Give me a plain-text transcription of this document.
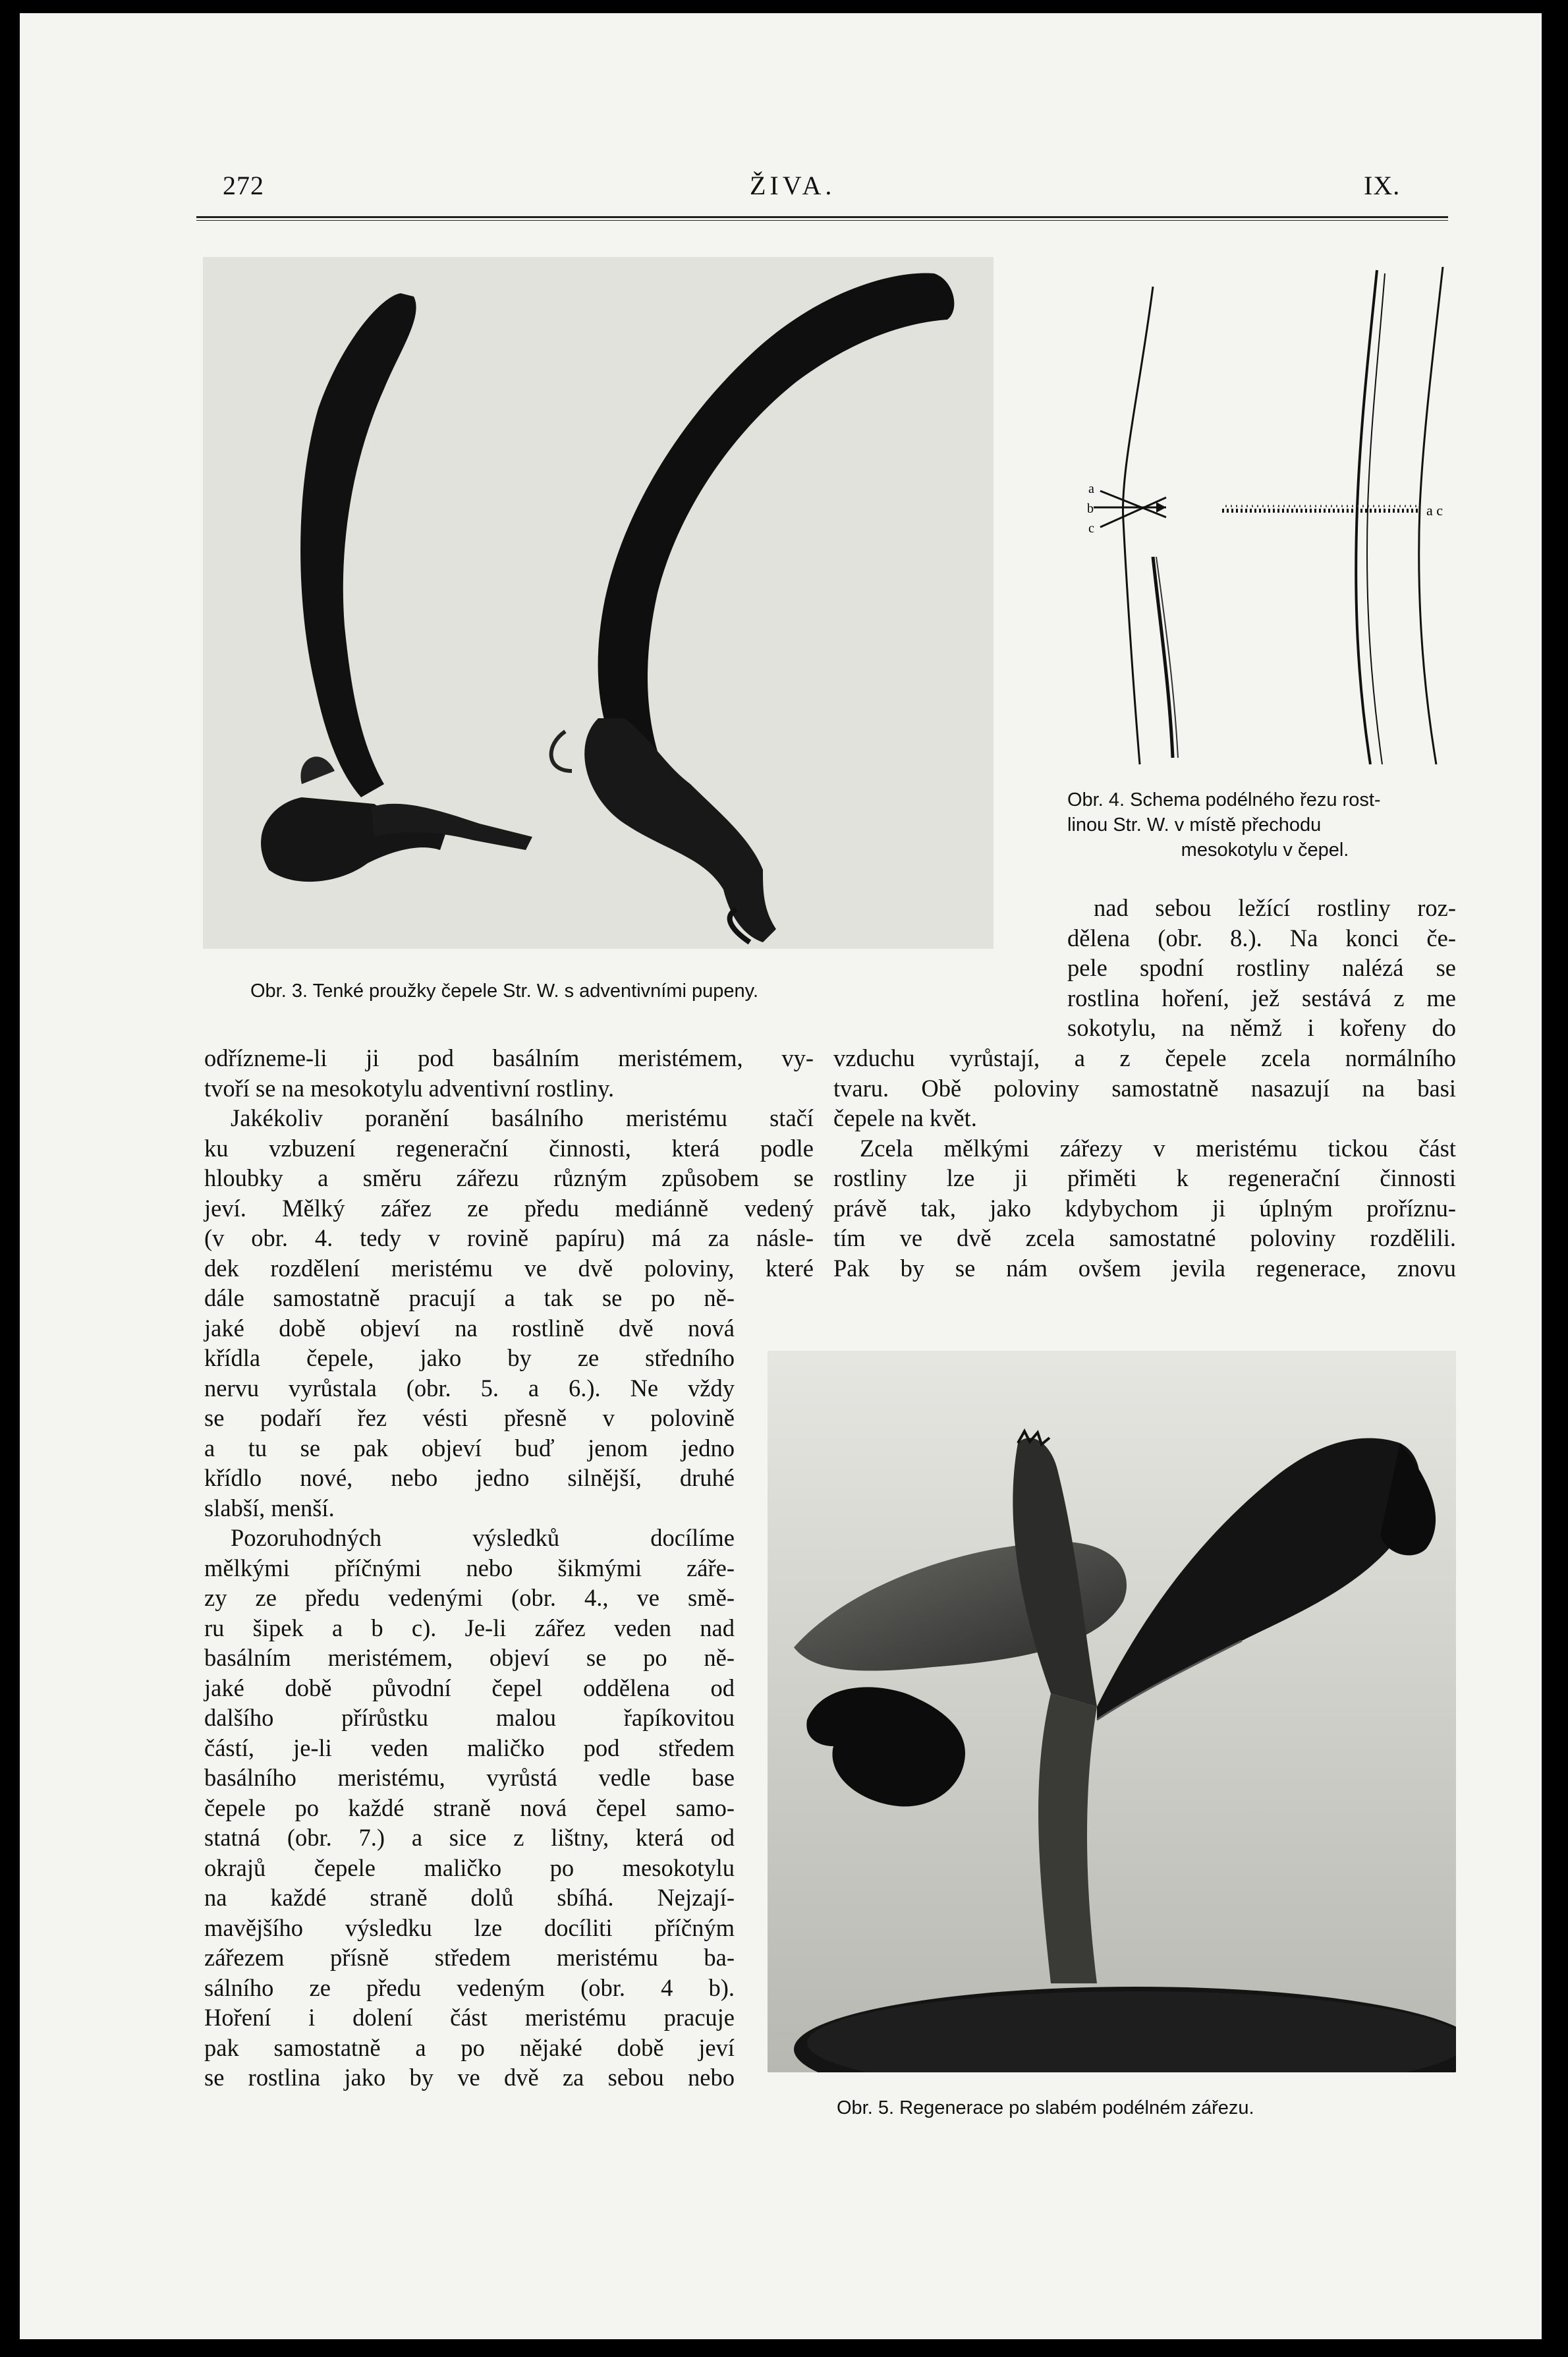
272	ŽIVA.	IX.
Obr. 3. Tenké proužky čepele Str. W. s adventivními pupeny.
a
b
c
a c
Obr. 4. Schema podélného řezu rost-
linou Str. W. v místě přechodu
mesokotylu v čepel.
nad sebou ležící rostliny roz-
dělena (obr. 8.). Na konci če-
pele spodní rostliny nalézá se
rostlina hoření, jež sestává z me
sokotylu, na němž i kořeny do
vzduchu vyrůstají, a z čepele zcela normálního
tvaru. Obě poloviny samostatně nasazují na basi
čepele na květ.
Zcela mělkými zářezy v meristému tickou část
rostliny lze ji přiměti k regenerační činnosti
právě tak, jako kdybychom ji úplným proříznu-
tím ve dvě zcela samostatné poloviny rozdělili.
Pak by se nám ovšem jevila regenerace, znovu
odřízneme-li ji pod basálním meristémem, vy-
tvoří se na mesokotylu adventivní rostliny.
Jakékoliv poranění basálního meristému stačí
ku vzbuzení regenerační činnosti, která podle
hloubky a směru zářezu různým způsobem se
jeví. Mělký zářez ze předu mediánně vedený
(v obr. 4. tedy v rovině papíru) má za násle-
dek rozdělení meristému ve dvě poloviny, které
dále samostatně pracují a tak se po ně-
jaké době objeví na rostlině dvě nová
křídla čepele, jako by ze středního
nervu vyrůstala (obr. 5. a 6.). Ne vždy
se podaří řez vésti přesně v polovině
a tu se pak objeví buď jenom jedno
křídlo nové, nebo jedno silnější, druhé
slabší, menší.
Pozoruhodných výsledků docílíme
mělkými příčnými nebo šikmými záře-
zy ze předu vedenými (obr. 4., ve smě-
ru šipek a b c). Je-li zářez veden nad
basálním meristémem, objeví se po ně-
jaké době původní čepel oddělena od
dalšího přírůstku malou řapíkovitou
částí, je-li veden maličko pod středem
basálního meristému, vyrůstá vedle base
čepele po každé straně nová čepel samo-
statná (obr. 7.) a sice z lištny, která od
okrajů čepele maličko po mesokotylu
na každé straně dolů sbíhá. Nejzají-
mavějšího výsledku lze docíliti příčným
zářezem přísně středem meristému ba-
sálního ze předu vedeným (obr. 4 b).
Hoření i dolení část meristému pracuje
pak samostatně a po nějaké době jeví
se rostlina jako by ve dvě za sebou nebo
Obr. 5. Regenerace po slabém podélném zářezu.
